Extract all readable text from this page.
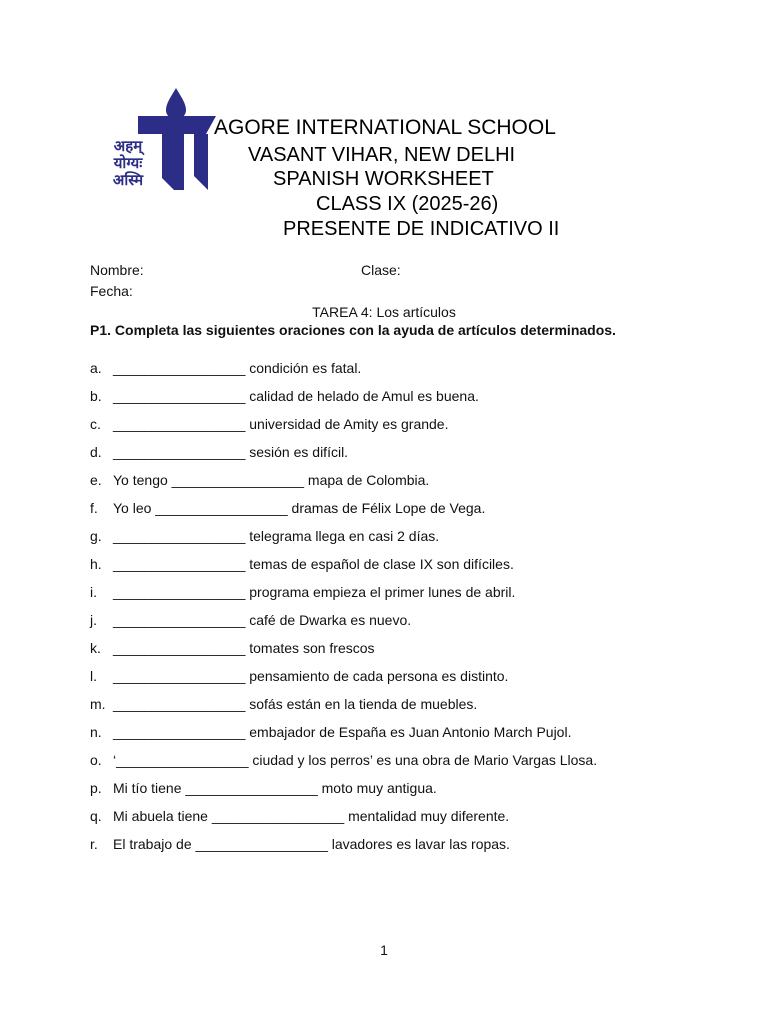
अहम्
योग्यः
अस्मि
AGORE INTERNATIONAL SCHOOL
VASANT VIHAR, NEW DELHI
SPANISH WORKSHEET
CLASS IX (2025-26)
PRESENTE DE INDICATIVO II
Nombre:	Clase:
Fecha:
TAREA 4: Los artículos
P1. Completa las siguientes oraciones con la ayuda de artículos determinados.
a. _________________ condición es fatal.
b. _________________ calidad de helado de Amul es buena.
c. _________________ universidad de Amity es grande.
d. _________________ sesión es difícil.
e. Yo tengo _________________ mapa de Colombia.
f. Yo leo _________________ dramas de Félix Lope de Vega.
g. _________________ telegrama llega en casi 2 días.
h. _________________ temas de español de clase IX son difíciles.
i. _________________ programa empieza el primer lunes de abril.
j. _________________ café de Dwarka es nuevo.
k. _________________ tomates son frescos
l. _________________ pensamiento de cada persona es distinto.
m. _________________ sofás están en la tienda de muebles.
n. _________________ embajador de España es Juan Antonio March Pujol.
o. ‘_________________ ciudad y los perros’ es una obra de Mario Vargas Llosa.
p. Mi tío tiene _________________ moto muy antigua.
q. Mi abuela tiene _________________ mentalidad muy diferente.
r. El trabajo de _________________ lavadores es lavar las ropas.
1
